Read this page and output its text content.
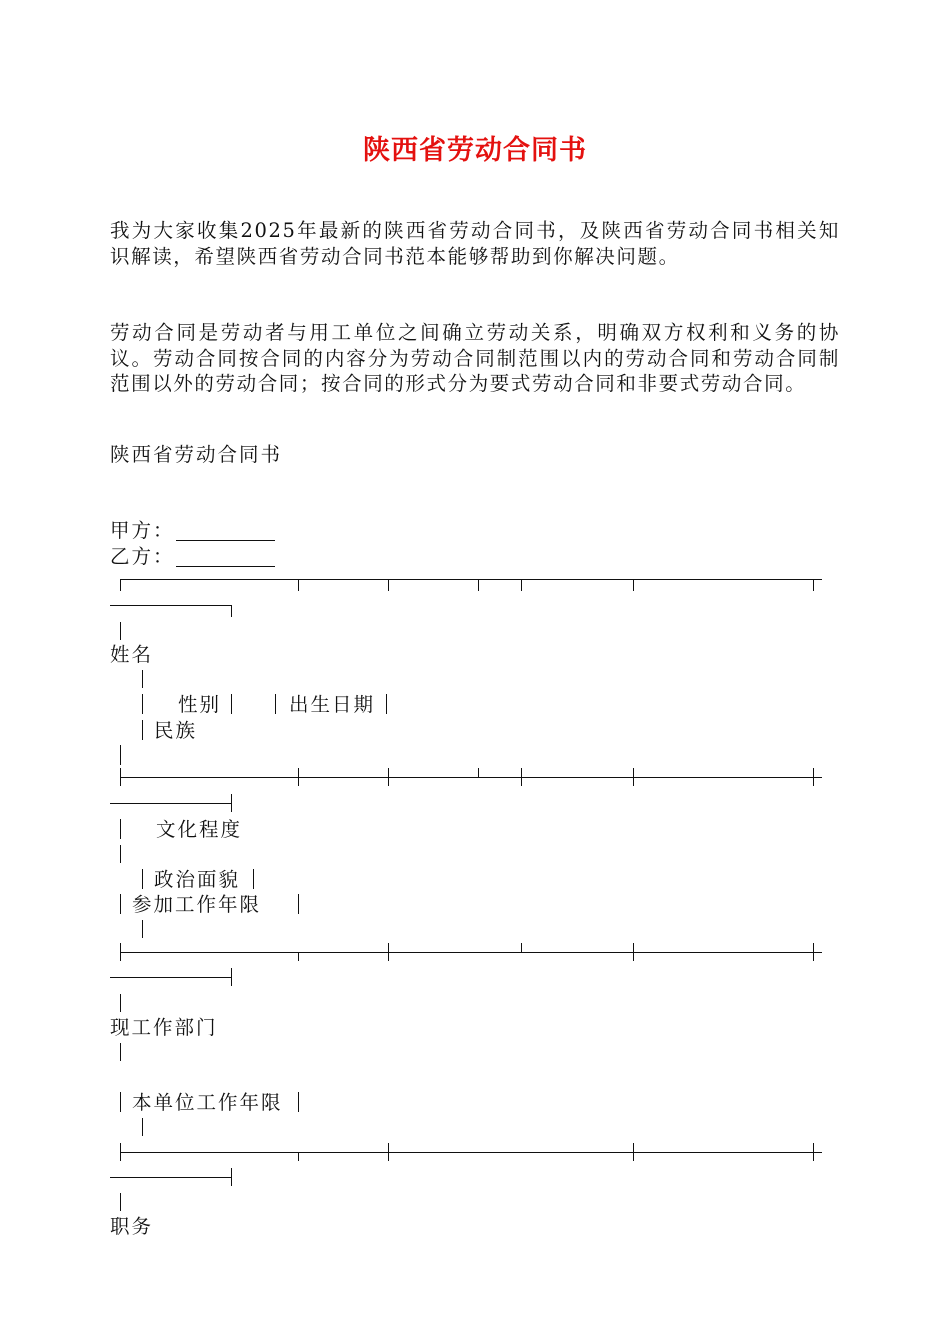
陕西省劳动合同书
我为大家收集2025年最新的陕西省劳动合同书，及陕西省劳动合同书相关知识解读，希望陕西省劳动合同书范本能够帮助到你解决问题。
劳动合同是劳动者与用工单位之间确立劳动关系，明确双方权利和义务的协议。劳动合同按合同的内容分为劳动合同制范围以内的劳动合同和劳动合同制范围以外的劳动合同；按合同的形式分为要式劳动合同和非要式劳动合同。
陕西省劳动合同书
甲方：
乙方：
姓名
性别	出生日期
民族
文化程度
政治面貌
参加工作年限
现工作部门
本单位工作年限
职务
